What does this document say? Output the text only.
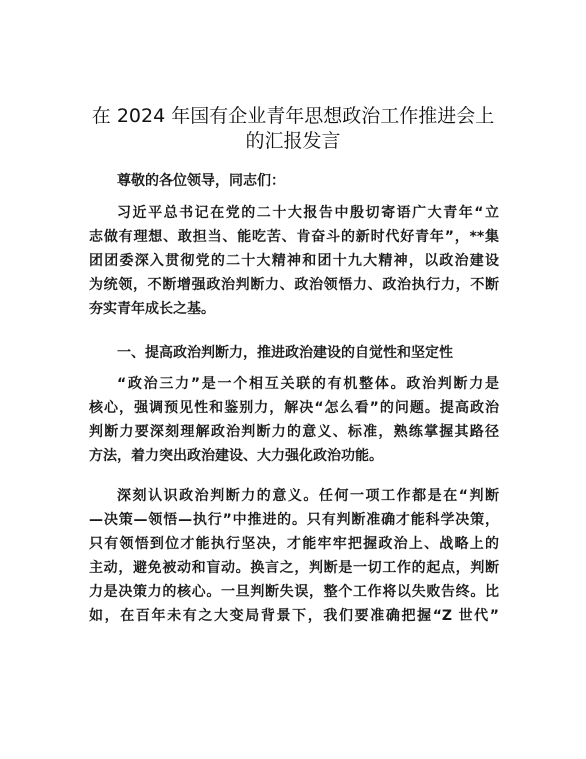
在 2024 年国有企业青年思想政治工作推进会上
的汇报发言

尊敬的各位领导，同志们：

习近平总书记在党的二十大报告中殷切寄语广大青年“立
志做有理想、敢担当、能吃苦、肯奋斗的新时代好青年”，**集
团团委深入贯彻党的二十大精神和团十九大精神，以政治建设
为统领，不断增强政治判断力、政治领悟力、政治执行力，不断
夯实青年成长之基。

一、提高政治判断力，推进政治建设的自觉性和坚定性

“政治三力”是一个相互关联的有机整体。政治判断力是
核心，强调预见性和鉴别力，解决“怎么看”的问题。提高政治
判断力要深刻理解政治判断力的意义、标准，熟练掌握其路径
方法，着力突出政治建设、大力强化政治功能。

深刻认识政治判断力的意义。任何一项工作都是在“判断
—决策—领悟—执行”中推进的。只有判断准确才能科学决策，
只有领悟到位才能执行坚决，才能牢牢把握政治上、战略上的
主动，避免被动和盲动。换言之，判断是一切工作的起点，判断
力是决策力的核心。一旦判断失误，整个工作将以失败告终。比
如，在百年未有之大变局背景下，我们要准确把握“Z 世代”
